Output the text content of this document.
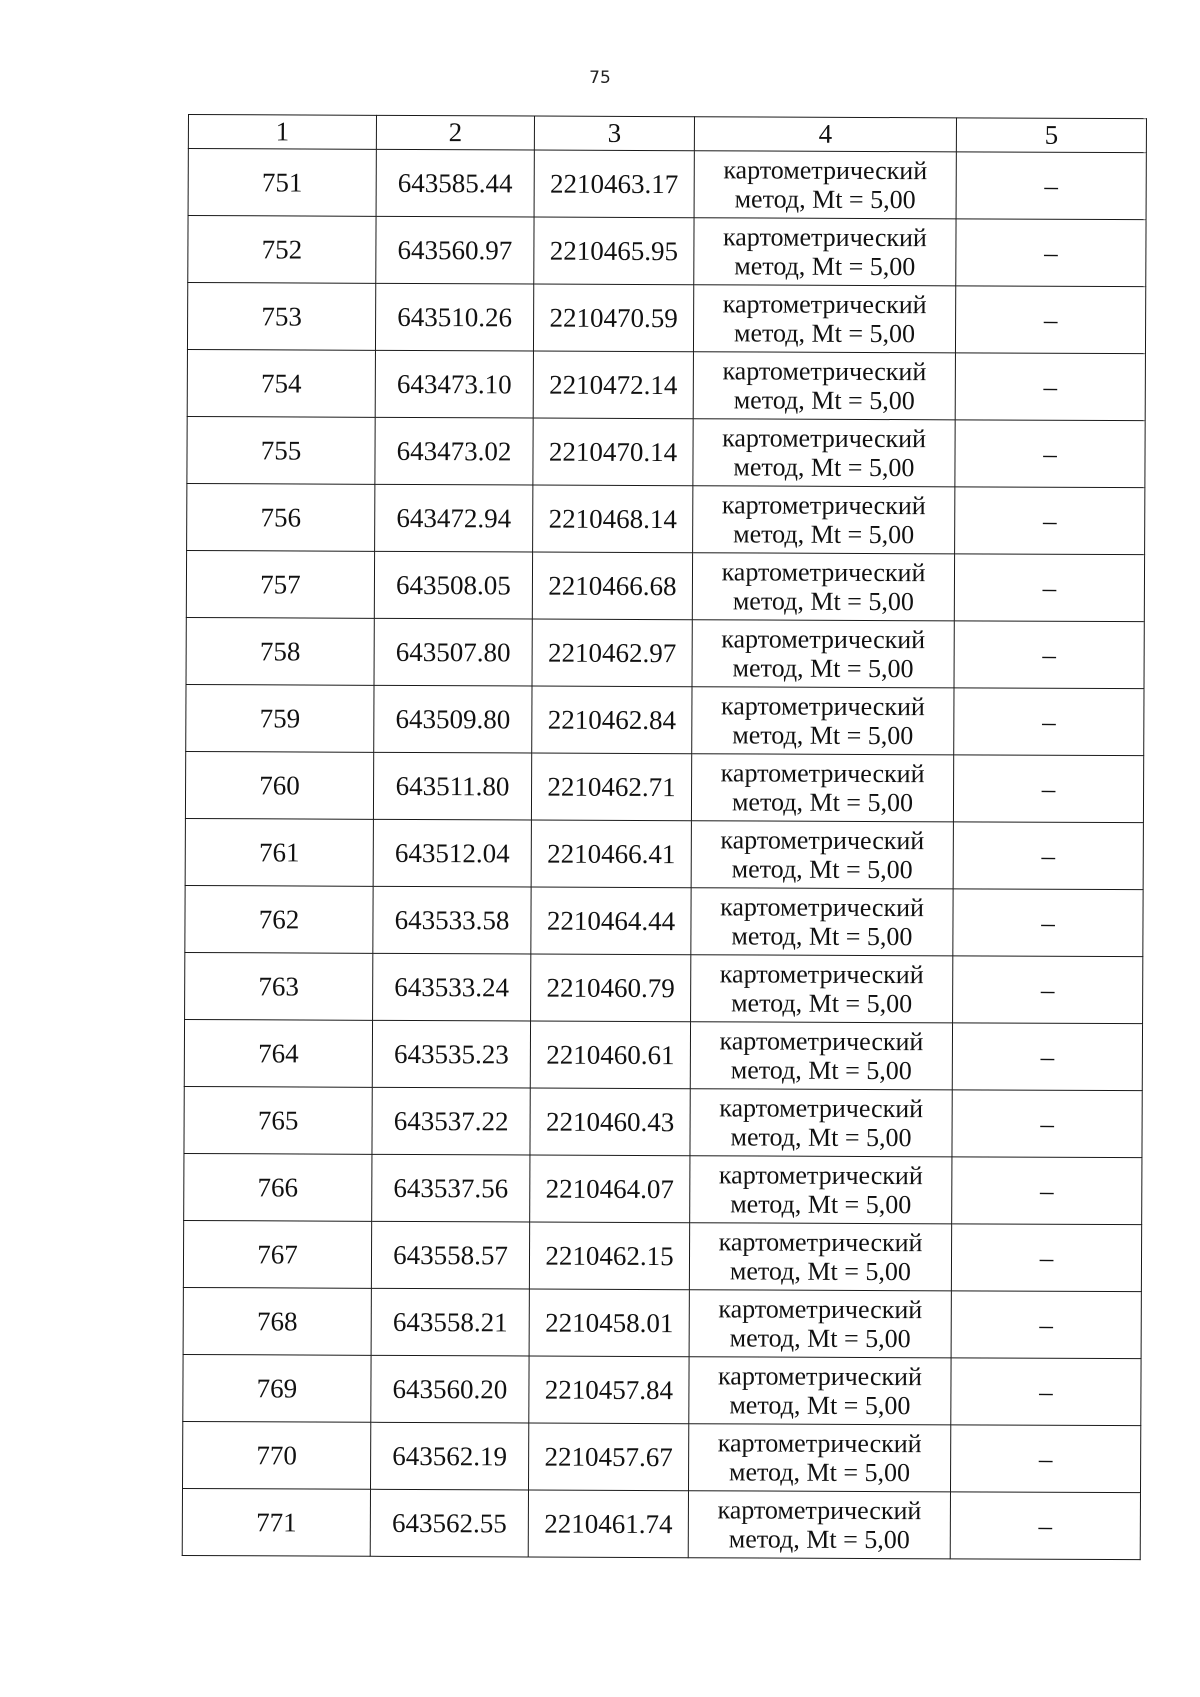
75
1	2	3	4	5
751	643585.44	2210463.17	картометрический
метод, Mt = 5,00	–
752	643560.97	2210465.95	картометрический
метод, Mt = 5,00	–
753	643510.26	2210470.59	картометрический
метод, Mt = 5,00	–
754	643473.10	2210472.14	картометрический
метод, Mt = 5,00	–
755	643473.02	2210470.14	картометрический
метод, Mt = 5,00	–
756	643472.94	2210468.14	картометрический
метод, Mt = 5,00	–
757	643508.05	2210466.68	картометрический
метод, Mt = 5,00	–
758	643507.80	2210462.97	картометрический
метод, Mt = 5,00	–
759	643509.80	2210462.84	картометрический
метод, Mt = 5,00	–
760	643511.80	2210462.71	картометрический
метод, Mt = 5,00	–
761	643512.04	2210466.41	картометрический
метод, Mt = 5,00	–
762	643533.58	2210464.44	картометрический
метод, Mt = 5,00	–
763	643533.24	2210460.79	картометрический
метод, Mt = 5,00	–
764	643535.23	2210460.61	картометрический
метод, Mt = 5,00	–
765	643537.22	2210460.43	картометрический
метод, Mt = 5,00	–
766	643537.56	2210464.07	картометрический
метод, Mt = 5,00	–
767	643558.57	2210462.15	картометрический
метод, Mt = 5,00	–
768	643558.21	2210458.01	картометрический
метод, Mt = 5,00	–
769	643560.20	2210457.84	картометрический
метод, Mt = 5,00	–
770	643562.19	2210457.67	картометрический
метод, Mt = 5,00	–
771	643562.55	2210461.74	картометрический
метод, Mt = 5,00	–
